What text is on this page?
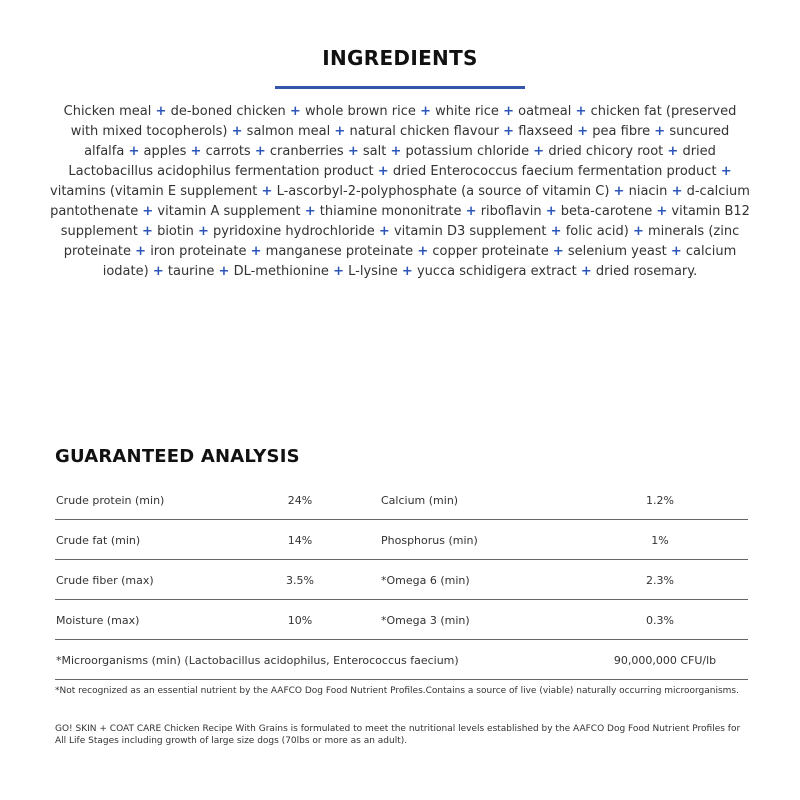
INGREDIENTS
Chicken meal + de-boned chicken + whole brown rice + white rice + oatmeal + chicken fat (preserved with mixed tocopherols) + salmon meal + natural chicken flavour + flaxseed + pea fibre + suncured alfalfa + apples + carrots + cranberries + salt + potassium chloride + dried chicory root + dried Lactobacillus acidophilus fermentation product + dried Enterococcus faecium fermentation product + vitamins (vitamin E supplement + L-ascorbyl-2-polyphosphate (a source of vitamin C) + niacin + d-calcium pantothenate + vitamin A supplement + thiamine mononitrate + riboflavin + beta-carotene + vitamin B12 supplement + biotin + pyridoxine hydrochloride + vitamin D3 supplement + folic acid) + minerals (zinc proteinate + iron proteinate + manganese proteinate + copper proteinate + selenium yeast + calcium iodate) + taurine + DL-methionine + L-lysine + yucca schidigera extract + dried rosemary.
GUARANTEED ANALYSIS
Crude protein (min)	24%	Calcium (min)	1.2%
Crude fat (min)	14%	Phosphorus (min)	1%
Crude fiber (max)	3.5%	*Omega 6 (min)	2.3%
Moisture (max)	10%	*Omega 3 (min)	0.3%
*Microorganisms (min) (Lactobacillus acidophilus, Enterococcus faecium)	90,000,000 CFU/lb
*Not recognized as an essential nutrient by the AAFCO Dog Food Nutrient Profiles.Contains a source of live (viable) naturally occurring microorganisms.
GO! SKIN + COAT CARE Chicken Recipe With Grains is formulated to meet the nutritional levels established by the AAFCO Dog Food Nutrient Profiles for All Life Stages including growth of large size dogs (70lbs or more as an adult).
